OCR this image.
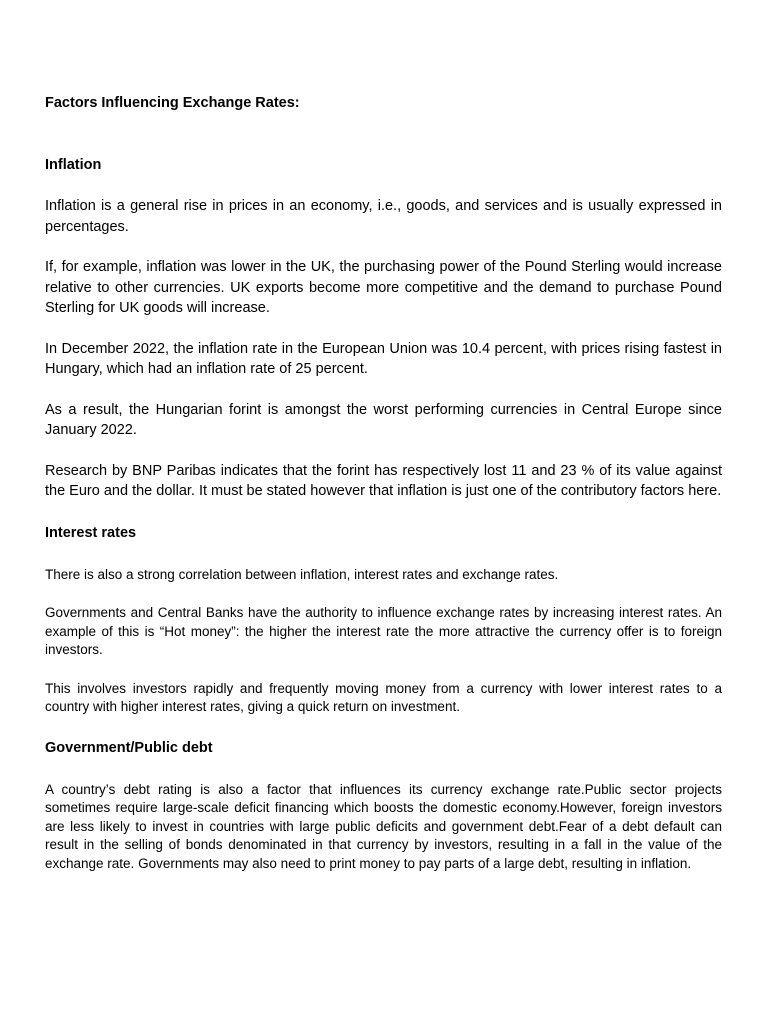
Factors Influencing Exchange Rates:
Inflation

Inflation is a general rise in prices in an economy, i.e., goods, and services and is usually expressed in percentages.

If, for example, inflation was lower in the UK, the purchasing power of the Pound Sterling would increase relative to other currencies. UK exports become more competitive and the demand to purchase Pound Sterling for UK goods will increase.

In December 2022, the inflation rate in the European Union was 10.4 percent, with prices rising fastest in Hungary, which had an inflation rate of 25 percent.

As a result, the Hungarian forint is amongst the worst performing currencies in Central Europe since January 2022.

Research by BNP Paribas indicates that the forint has respectively lost 11 and 23 % of its value against the Euro and the dollar. It must be stated however that inflation is just one of the contributory factors here.

Interest rates

There is also a strong correlation between inflation, interest rates and exchange rates.

Governments and Central Banks have the authority to influence exchange rates by increasing interest rates. An example of this is “Hot money”: the higher the interest rate the more attractive the currency offer is to foreign investors.

This involves investors rapidly and frequently moving money from a currency with lower interest rates to a country with higher interest rates, giving a quick return on investment.

Government/Public debt

A country’s debt rating is also a factor that influences its currency exchange rate.Public sector projects sometimes require large-scale deficit financing which boosts the domestic economy.However, foreign investors are less likely to invest in countries with large public deficits and government debt.Fear of a debt default can result in the selling of bonds denominated in that currency by investors, resulting in a fall in the value of the exchange rate. Governments may also need to print money to pay parts of a large debt, resulting in inflation.
